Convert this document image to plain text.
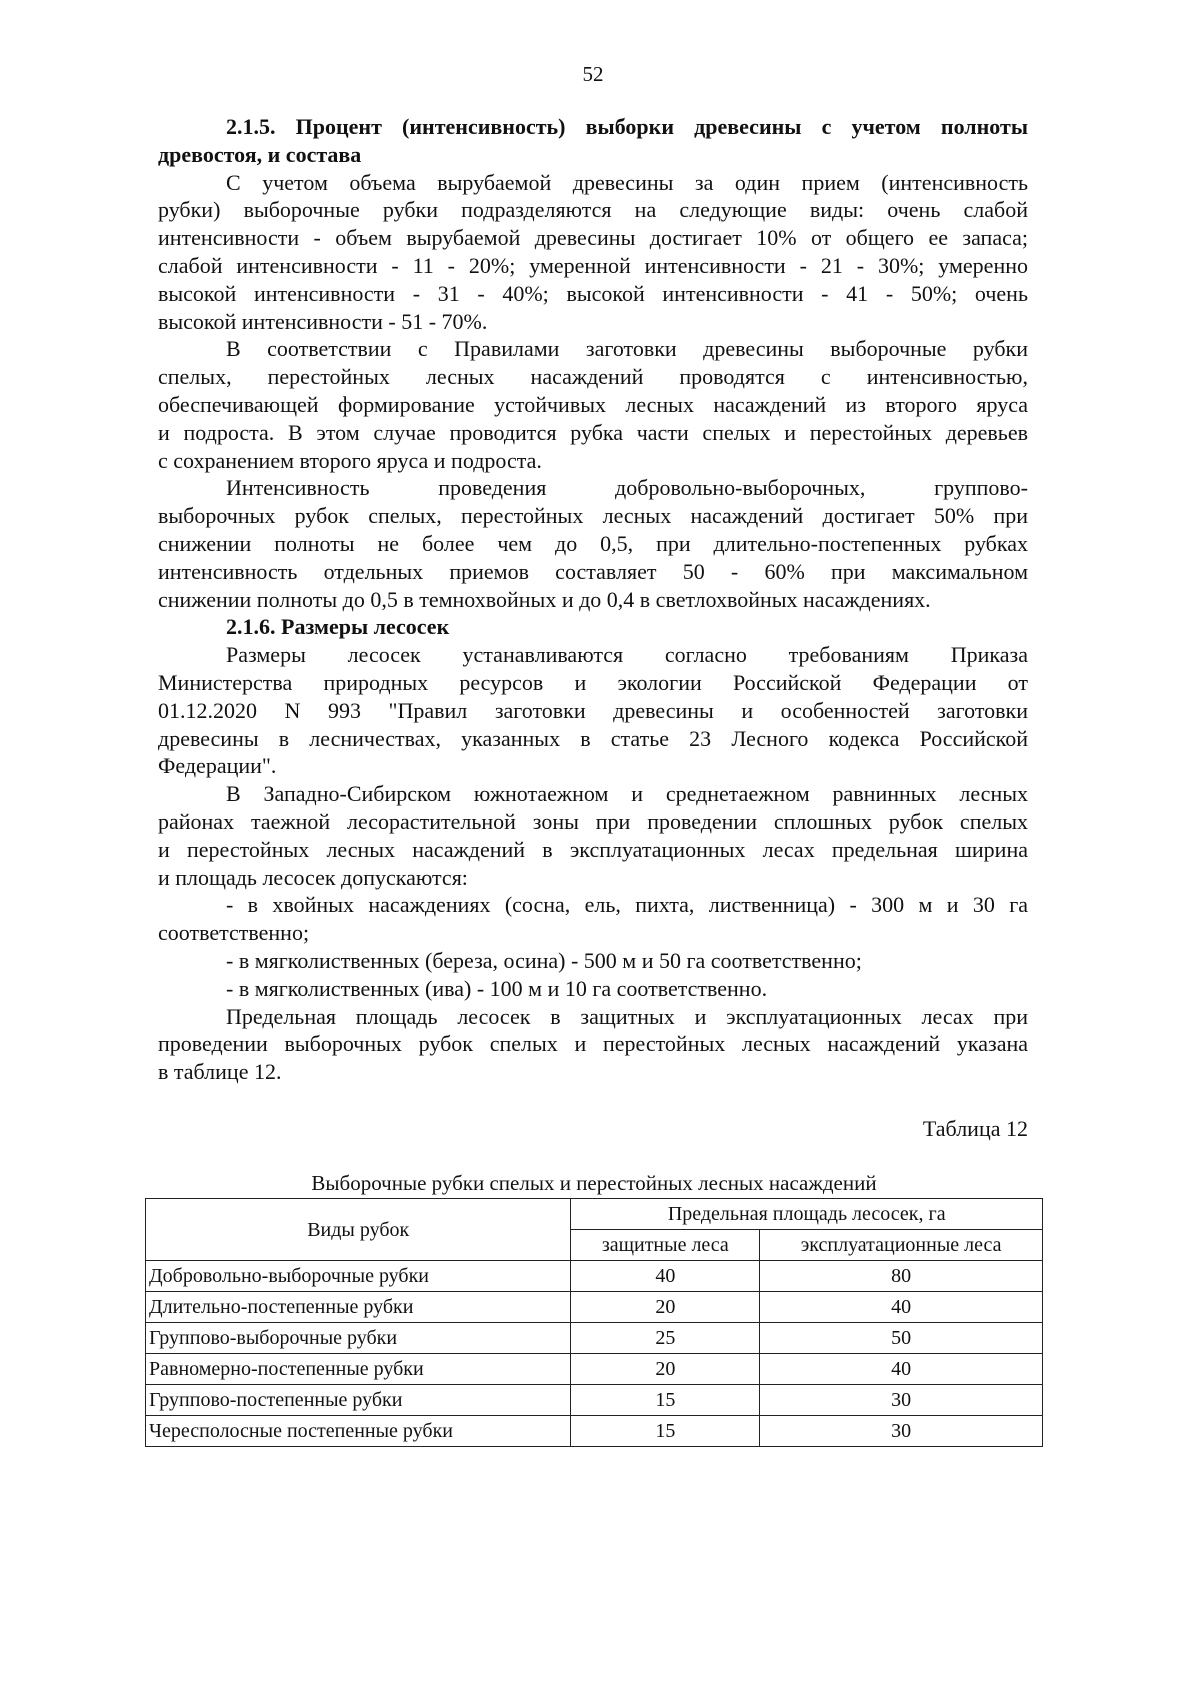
52
2.1.5. Процент (интенсивность) выборки древесины с учетом полноты
древостоя, и состава
С учетом объема вырубаемой древесины за один прием (интенсивность
рубки) выборочные рубки подразделяются на следующие виды: очень слабой
интенсивности - объем вырубаемой древесины достигает 10% от общего ее запаса;
слабой интенсивности - 11 - 20%; умеренной интенсивности - 21 - 30%; умеренно
высокой интенсивности - 31 - 40%; высокой интенсивности - 41 - 50%; очень
высокой интенсивности - 51 - 70%.
В соответствии с Правилами заготовки древесины выборочные рубки
спелых, перестойных лесных насаждений проводятся с интенсивностью,
обеспечивающей формирование устойчивых лесных насаждений из второго яруса
и подроста. В этом случае проводится рубка части спелых и перестойных деревьев
с сохранением второго яруса и подроста.
Интенсивность проведения добровольно-выборочных, группово-
выборочных рубок спелых, перестойных лесных насаждений достигает 50% при
снижении полноты не более чем до 0,5, при длительно-постепенных рубках
интенсивность отдельных приемов составляет 50 - 60% при максимальном
снижении полноты до 0,5 в темнохвойных и до 0,4 в светлохвойных насаждениях.
2.1.6. Размеры лесосек
Размеры лесосек устанавливаются согласно требованиям Приказа
Министерства природных ресурсов и экологии Российской Федерации от
01.12.2020 N 993 "Правил заготовки древесины и особенностей заготовки
древесины в лесничествах, указанных в статье 23 Лесного кодекса Российской
Федерации".
В Западно-Сибирском южнотаежном и среднетаежном равнинных лесных
районах таежной лесорастительной зоны при проведении сплошных рубок спелых
и перестойных лесных насаждений в эксплуатационных лесах предельная ширина
и площадь лесосек допускаются:
- в хвойных насаждениях (сосна, ель, пихта, лиственница) - 300 м и 30 га
соответственно;
- в мягколиственных (береза, осина) - 500 м и 50 га соответственно;
- в мягколиственных (ива) - 100 м и 10 га соответственно.
Предельная площадь лесосек в защитных и эксплуатационных лесах при
проведении выборочных рубок спелых и перестойных лесных насаждений указана
в таблице 12.
Таблица 12
Выборочные рубки спелых и перестойных лесных насаждений
Виды рубок	Предельная площадь лесосек, га	
	защитные леса	эксплуатационные леса
Добровольно-выборочные рубки	40	80
Длительно-постепенные рубки	20	40
Группово-выборочные рубки	25	50
Равномерно-постепенные рубки	20	40
Группово-постепенные рубки	15	30
Чересполосные постепенные рубки	15	30
